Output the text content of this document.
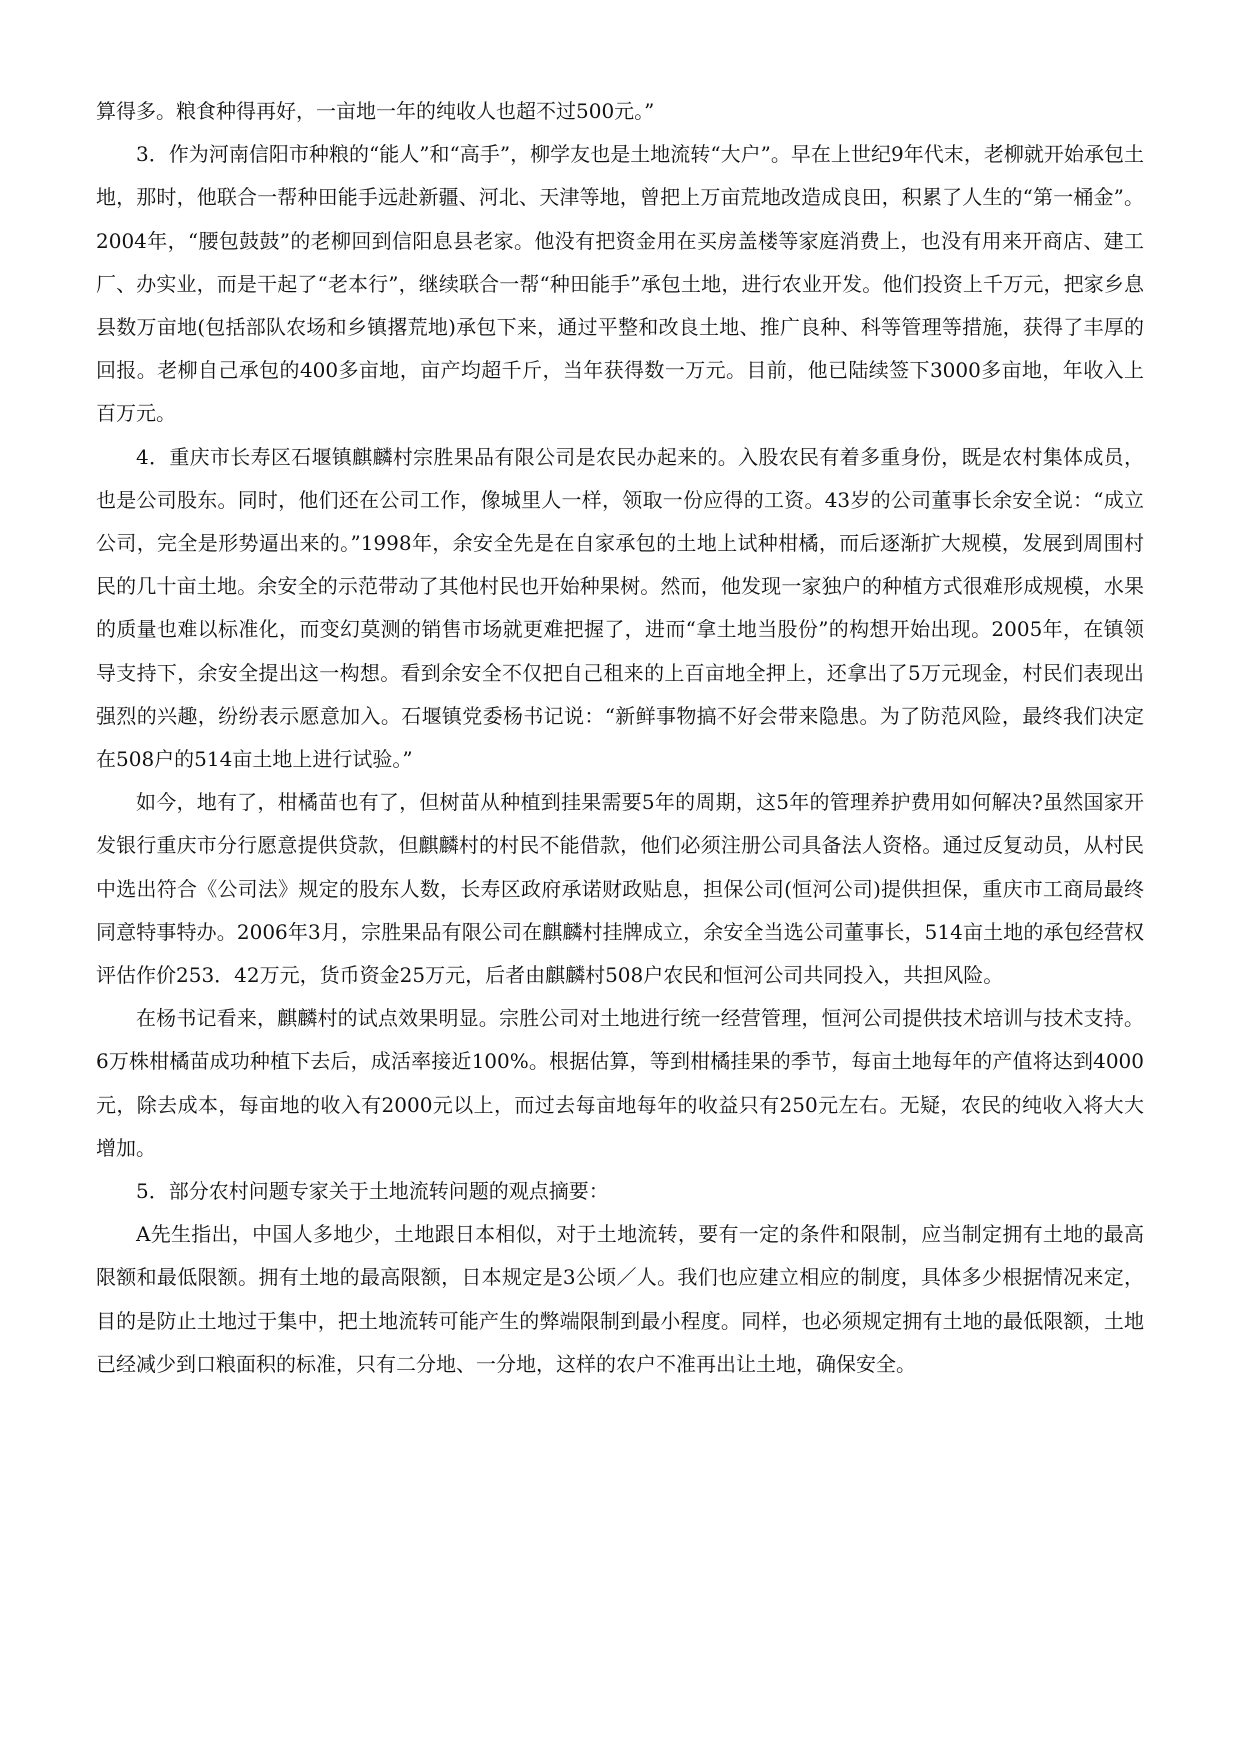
算得多。粮食种得再好，一亩地一年的纯收人也超不过500元。”

3．作为河南信阳市种粮的“能人”和“高手”，柳学友也是土地流转“大户”。早在上世纪9年代末，老柳就开始承包土地，那时，他联合一帮种田能手远赴新疆、河北、天津等地，曾把上万亩荒地改造成良田，积累了人生的“第一桶金”。2004年，“腰包鼓鼓”的老柳回到信阳息县老家。他没有把资金用在买房盖楼等家庭消费上，也没有用来开商店、建工厂、办实业，而是干起了“老本行”，继续联合一帮“种田能手”承包土地，进行农业开发。他们投资上千万元，把家乡息县数万亩地(包括部队农场和乡镇撂荒地)承包下来，通过平整和改良土地、推广良种、科等管理等措施，获得了丰厚的回报。老柳自己承包的400多亩地，亩产均超千斤，当年获得数一万元。目前，他已陆续签下3000多亩地，年收入上百万元。

4．重庆市长寿区石堰镇麒麟村宗胜果品有限公司是农民办起来的。入股农民有着多重身份，既是农村集体成员，也是公司股东。同时，他们还在公司工作，像城里人一样，领取一份应得的工资。43岁的公司董事长余安全说：“成立公司，完全是形势逼出来的。”1998年，余安全先是在自家承包的土地上试种柑橘，而后逐渐扩大规模，发展到周围村民的几十亩土地。余安全的示范带动了其他村民也开始种果树。然而，他发现一家独户的种植方式很难形成规模，水果的质量也难以标准化，而变幻莫测的销售市场就更难把握了，进而“拿土地当股份”的构想开始出现。2005年，在镇领导支持下，余安全提出这一构想。看到余安全不仅把自己租来的上百亩地全押上，还拿出了5万元现金，村民们表现出强烈的兴趣，纷纷表示愿意加入。石堰镇党委杨书记说：“新鲜事物搞不好会带来隐患。为了防范风险，最终我们决定在508户的514亩土地上进行试验。”

如今，地有了，柑橘苗也有了，但树苗从种植到挂果需要5年的周期，这5年的管理养护费用如何解决?虽然国家开发银行重庆市分行愿意提供贷款，但麒麟村的村民不能借款，他们必须注册公司具备法人资格。通过反复动员，从村民中选出符合《公司法》规定的股东人数，长寿区政府承诺财政贴息，担保公司(恒河公司)提供担保，重庆市工商局最终同意特事特办。2006年3月，宗胜果品有限公司在麒麟村挂牌成立，余安全当选公司董事长，514亩土地的承包经营权评估作价253．42万元，货币资金25万元，后者由麒麟村508户农民和恒河公司共同投入，共担风险。

在杨书记看来，麒麟村的试点效果明显。宗胜公司对土地进行统一经营管理，恒河公司提供技术培训与技术支持。6万株柑橘苗成功种植下去后，成活率接近100%。根据估算，等到柑橘挂果的季节，每亩土地每年的产值将达到4000元，除去成本，每亩地的收入有2000元以上，而过去每亩地每年的收益只有250元左右。无疑，农民的纯收入将大大增加。

5．部分农村问题专家关于土地流转问题的观点摘要：

A先生指出，中国人多地少，土地跟日本相似，对于土地流转，要有一定的条件和限制，应当制定拥有土地的最高限额和最低限额。拥有土地的最高限额，日本规定是3公顷／人。我们也应建立相应的制度，具体多少根据情况来定，目的是防止土地过于集中，把土地流转可能产生的弊端限制到最小程度。同样，也必须规定拥有土地的最低限额，土地已经减少到口粮面积的标准，只有二分地、一分地，这样的农户不准再出让土地，确保安全。
